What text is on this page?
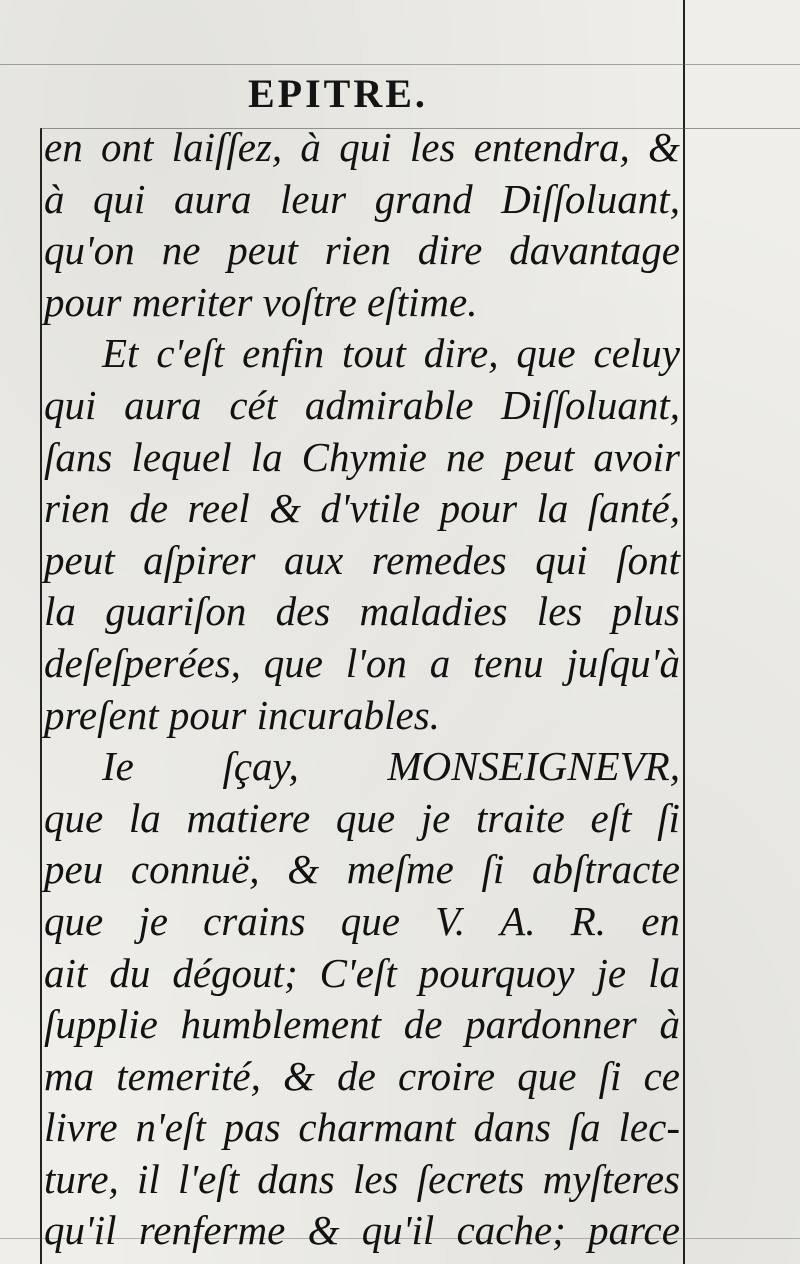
EPITRE.
en ont laiſſez, à qui les entendra, &
à qui aura leur grand Diſſoluant,
qu'on ne peut rien dire davantage
pour meriter voſtre eſtime.
Et c'eſt enfin tout dire, que celuy
qui aura cét admirable Diſſoluant,
ſans lequel la Chymie ne peut avoir
rien de reel & d'vtile pour la ſanté,
peut aſpirer aux remedes qui ſont
la guariſon des maladies les plus
deſeſperées, que l'on a tenu juſqu'à
preſent pour incurables.
Ie ſçay, MONSEIGNEVR,
que la matiere que je traite eſt ſi
peu connuë, & meſme ſi abſtracte
que je crains que V. A. R. en
ait du dégout; C'eſt pourquoy je la
ſupplie humblement de pardonner à
ma temerité, & de croire que ſi ce
livre n'eſt pas charmant dans ſa lec-
ture, il l'eſt dans les ſecrets myſteres
qu'il renferme & qu'il cache; parce
